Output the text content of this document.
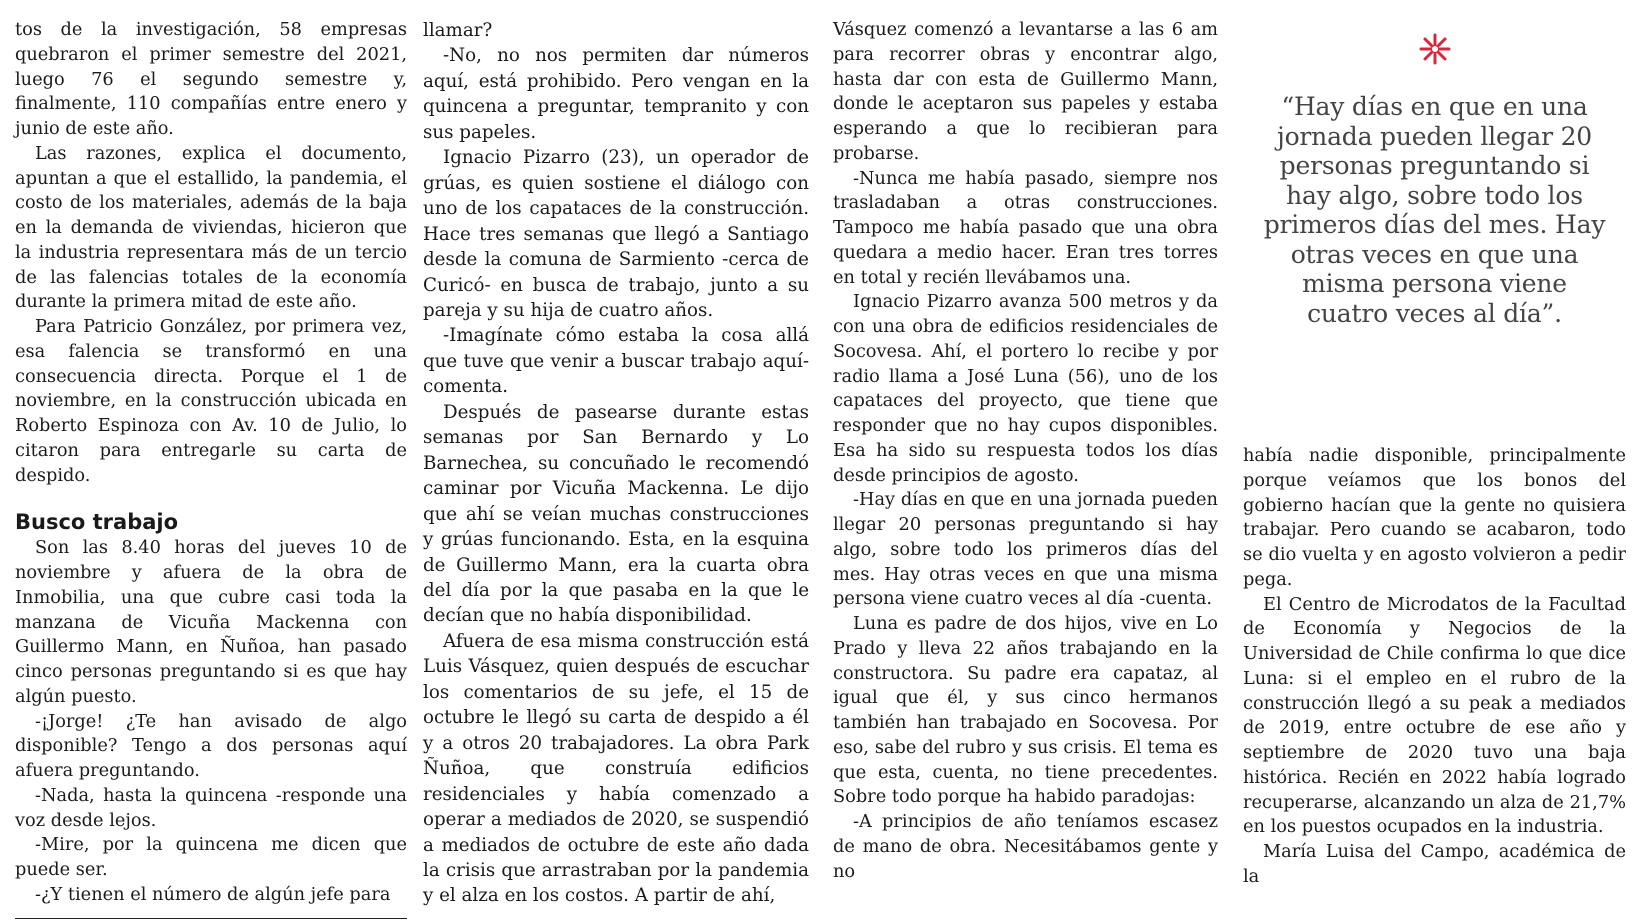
tos de la investigación, 58 empresas quebraron el primer semestre del 2021, luego 76 el segundo semestre y, finalmente, 110 compañías entre enero y junio de este año.

Las razones, explica el documento, apuntan a que el estallido, la pandemia, el costo de los materiales, además de la baja en la demanda de viviendas, hicieron que la industria representara más de un tercio de las falencias totales de la economía durante la primera mitad de este año.

Para Patricio González, por primera vez, esa falencia se transformó en una consecuencia directa. Porque el 1 de noviembre, en la construcción ubicada en Roberto Espinoza con Av. 10 de Julio, lo citaron para entregarle su carta de despido.

Busco trabajo

Son las 8.40 horas del jueves 10 de noviembre y afuera de la obra de Inmobilia, una que cubre casi toda la manzana de Vicuña Mackenna con Guillermo Mann, en Ñuñoa, han pasado cinco personas preguntando si es que hay algún puesto.

-¡Jorge! ¿Te han avisado de algo disponible? Tengo a dos personas aquí afuera preguntando.

-Nada, hasta la quincena -responde una voz desde lejos.

-Mire, por la quincena me dicen que puede ser.

-¿Y tienen el número de algún jefe para

llamar?

-No, no nos permiten dar números aquí, está prohibido. Pero vengan en la quincena a preguntar, tempranito y con sus papeles.

Ignacio Pizarro (23), un operador de grúas, es quien sostiene el diálogo con uno de los capataces de la construcción. Hace tres semanas que llegó a Santiago desde la comuna de Sarmiento -cerca de Curicó- en busca de trabajo, junto a su pareja y su hija de cuatro años.

-Imagínate cómo estaba la cosa allá que tuve que venir a buscar trabajo aquí- comenta.

Después de pasearse durante estas semanas por San Bernardo y Lo Barnechea, su concuñado le recomendó caminar por Vicuña Mackenna. Le dijo que ahí se veían muchas construcciones y grúas funcionando. Esta, en la esquina de Guillermo Mann, era la cuarta obra del día por la que pasaba en la que le decían que no había disponibilidad.

Afuera de esa misma construcción está Luis Vásquez, quien después de escuchar los comentarios de su jefe, el 15 de octubre le llegó su carta de despido a él y a otros 20 trabajadores. La obra Park Ñuñoa, que construía edificios residenciales y había comenzado a operar a mediados de 2020, se suspendió a mediados de octubre de este año dada la crisis que arrastraban por la pandemia y el alza en los costos. A partir de ahí,

Vásquez comenzó a levantarse a las 6 am para recorrer obras y encontrar algo, hasta dar con esta de Guillermo Mann, donde le aceptaron sus papeles y estaba esperando a que lo recibieran para probarse.

-Nunca me había pasado, siempre nos trasladaban a otras construcciones. Tampoco me había pasado que una obra quedara a medio hacer. Eran tres torres en total y recién llevábamos una.

Ignacio Pizarro avanza 500 metros y da con una obra de edificios residenciales de Socovesa. Ahí, el portero lo recibe y por radio llama a José Luna (56), uno de los capataces del proyecto, que tiene que responder que no hay cupos disponibles. Esa ha sido su respuesta todos los días desde principios de agosto.

-Hay días en que en una jornada pueden llegar 20 personas preguntando si hay algo, sobre todo los primeros días del mes. Hay otras veces en que una misma persona viene cuatro veces al día -cuenta.

Luna es padre de dos hijos, vive en Lo Prado y lleva 22 años trabajando en la constructora. Su padre era capataz, al igual que él, y sus cinco hermanos también han trabajado en Socovesa. Por eso, sabe del rubro y sus crisis. El tema es que esta, cuenta, no tiene precedentes. Sobre todo porque ha habido paradojas:

-A principios de año teníamos escasez de mano de obra. Necesitábamos gente y no

“Hay días en que en una jornada pueden llegar 20 personas preguntando si hay algo, sobre todo los primeros días del mes. Hay otras veces en que una misma persona viene cuatro veces al día”.

había nadie disponible, principalmente porque veíamos que los bonos del gobierno hacían que la gente no quisiera trabajar. Pero cuando se acabaron, todo se dio vuelta y en agosto volvieron a pedir pega.

El Centro de Microdatos de la Facultad de Economía y Negocios de la Universidad de Chile confirma lo que dice Luna: si el empleo en el rubro de la construcción llegó a su peak a mediados de 2019, entre octubre de ese año y septiembre de 2020 tuvo una baja histórica. Recién en 2022 había logrado recuperarse, alcanzando un alza de 21,7% en los puestos ocupados en la industria.

María Luisa del Campo, académica de la
